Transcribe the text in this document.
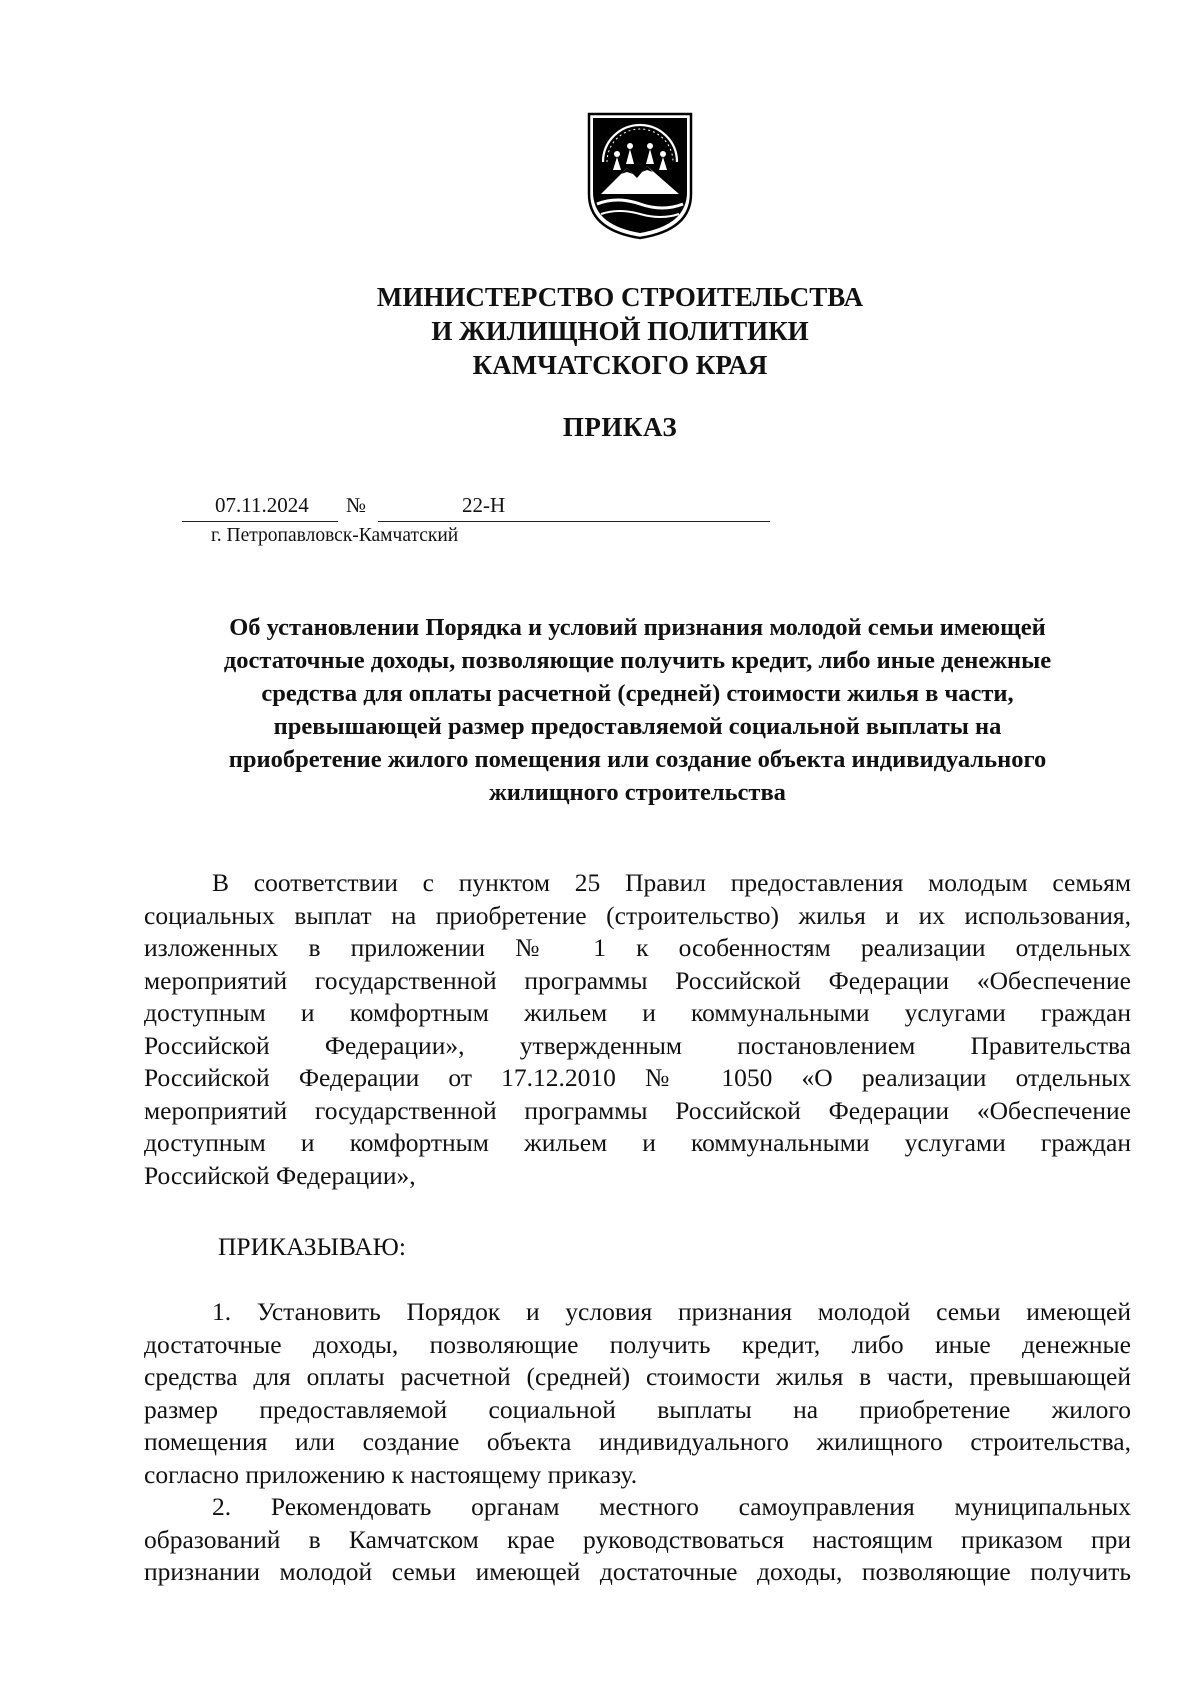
МИНИСТЕРСТВО СТРОИТЕЛЬСТВА
И ЖИЛИЩНОЙ ПОЛИТИКИ
КАМЧАТСКОГО КРАЯ
ПРИКАЗ
07.11.2024 №	22-Н
г. Петропавловск-Камчатский
Об установлении Порядка и условий признания молодой семьи имеющей
достаточные доходы, позволяющие получить кредит, либо иные денежные
средства для оплаты расчетной (средней) стоимости жилья в части,
превышающей размер предоставляемой социальной выплаты на
приобретение жилого помещения или создание объекта индивидуального
жилищного строительства
В соответствии с пунктом 25 Правил предоставления молодым семьям
социальных выплат на приобретение (строительство) жилья и их использования,
изложенных в приложении № 1 к особенностям реализации отдельных
мероприятий государственной программы Российской Федерации «Обеспечение
доступным и комфортным жильем и коммунальными услугами граждан
Российской Федерации», утвержденным постановлением Правительства
Российской Федерации от 17.12.2010 № 1050 «О реализации отдельных
мероприятий государственной программы Российской Федерации «Обеспечение
доступным и комфортным жильем и коммунальными услугами граждан
Российской Федерации»,
ПРИКАЗЫВАЮ:
1. Установить Порядок и условия признания молодой семьи имеющей
достаточные доходы, позволяющие получить кредит, либо иные денежные
средства для оплаты расчетной (средней) стоимости жилья в части, превышающей
размер предоставляемой социальной выплаты на приобретение жилого
помещения или создание объекта индивидуального жилищного строительства,
согласно приложению к настоящему приказу.
2. Рекомендовать органам местного самоуправления муниципальных
образований в Камчатском крае руководствоваться настоящим приказом при
признании молодой семьи имеющей достаточные доходы, позволяющие получить
